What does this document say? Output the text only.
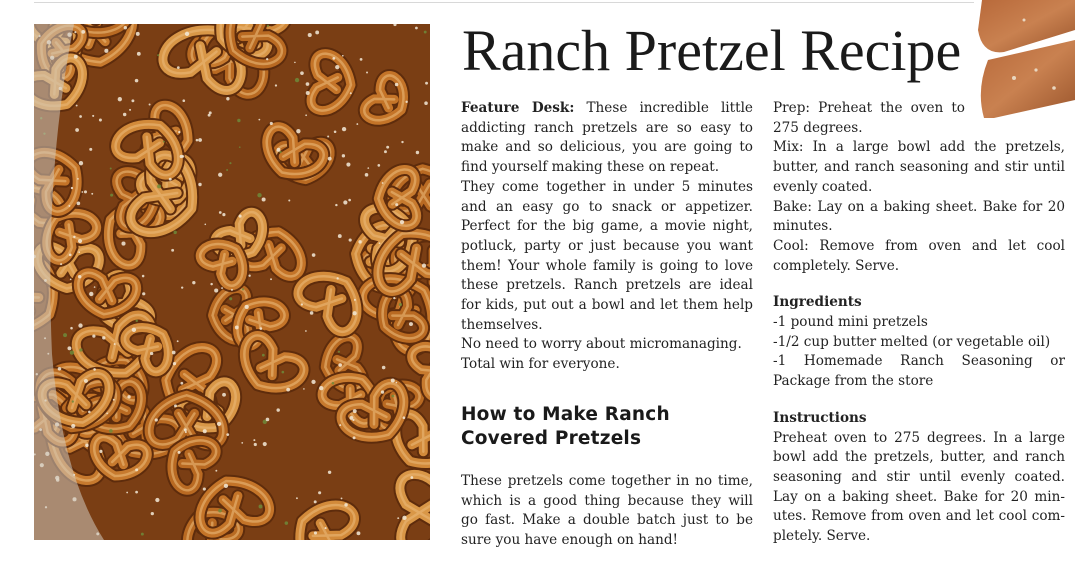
Ranch Pretzel Recipe

Feature Desk: These incredible little addicting ranch pretzels are so easy to make and so delicious, you are going to find yourself making these on repeat.

They come together in under 5 minutes and an easy go to snack or appetizer. Perfect for the big game, a movie night, potluck, party or just because you want them! Your whole family is going to love these pretzels. Ranch pretzels are ideal for kids, put out a bowl and let them help themselves.

No need to worry about micromanaging. Total win for everyone.

How to Make Ranch
Covered Pretzels

These pretzels come together in no time, which is a good thing because they will go fast. Make a double batch just to be sure you have enough on hand!

Prep: Preheat the oven to 275 degrees.

Mix: In a large bowl add the pretzels, butter, and ranch seasoning and stir until evenly coated.

Bake: Lay on a baking sheet. Bake for 20 minutes.

Cool: Remove from oven and let cool completely. Serve.

Ingredients

-1 pound mini pretzels

-1/2 cup butter melted (or vegetable oil)

-1 Homemade Ranch Seasoning or Package from the store

Instructions

Preheat oven to 275 degrees. In a large bowl add the pretzels, butter, and ranch seasoning and stir until evenly coated. Lay on a baking sheet. Bake for 20 minutes. Remove from oven and let cool completely. Serve.
